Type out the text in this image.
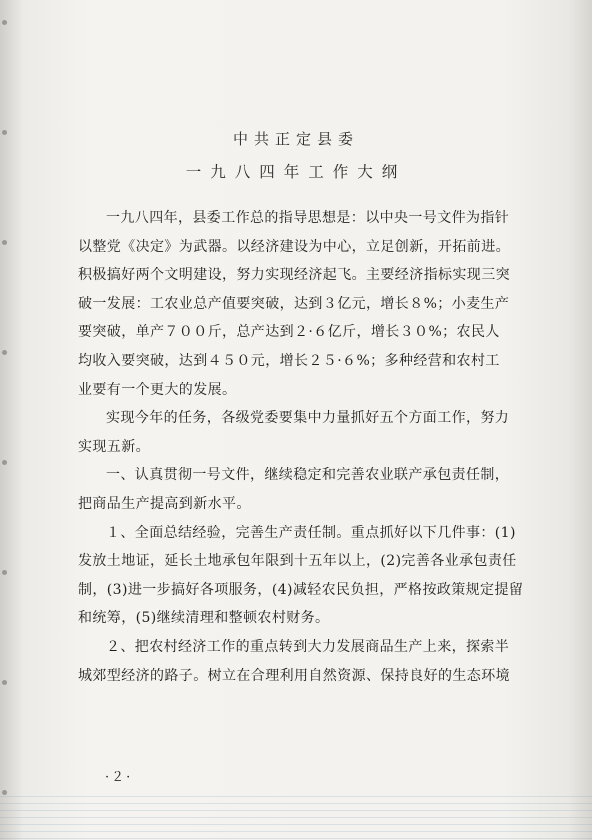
中共正定县委
一九八四年工作大纲
一九八四年，县委工作总的指导思想是：以中央一号文件为指针
以整党《决定》为武器。以经济建设为中心，立足创新，开拓前进。
积极搞好两个文明建设，努力实现经济起飞。主要经济指标实现三突
破一发展：工农业总产值要突破，达到３亿元，增长８%；小麦生产
要突破，单产７００斤，总产达到２·６亿斤，增长３０%；农民人
均收入要突破，达到４５０元，增长２５·６%；多种经营和农村工
业要有一个更大的发展。
实现今年的任务，各级党委要集中力量抓好五个方面工作，努力
实现五新。
一、认真贯彻一号文件，继续稳定和完善农业联产承包责任制，
把商品生产提高到新水平。
１、全面总结经验，完善生产责任制。重点抓好以下几件事：(1)
发放土地证，延长土地承包年限到十五年以上，(2)完善各业承包责任
制，(3)进一步搞好各项服务，(4)减轻农民负担，严格按政策规定提留
和统筹，(5)继续清理和整顿农村财务。
２、把农村经济工作的重点转到大力发展商品生产上来，探索半
城郊型经济的路子。树立在合理利用自然资源、保持良好的生态环境
·２·
